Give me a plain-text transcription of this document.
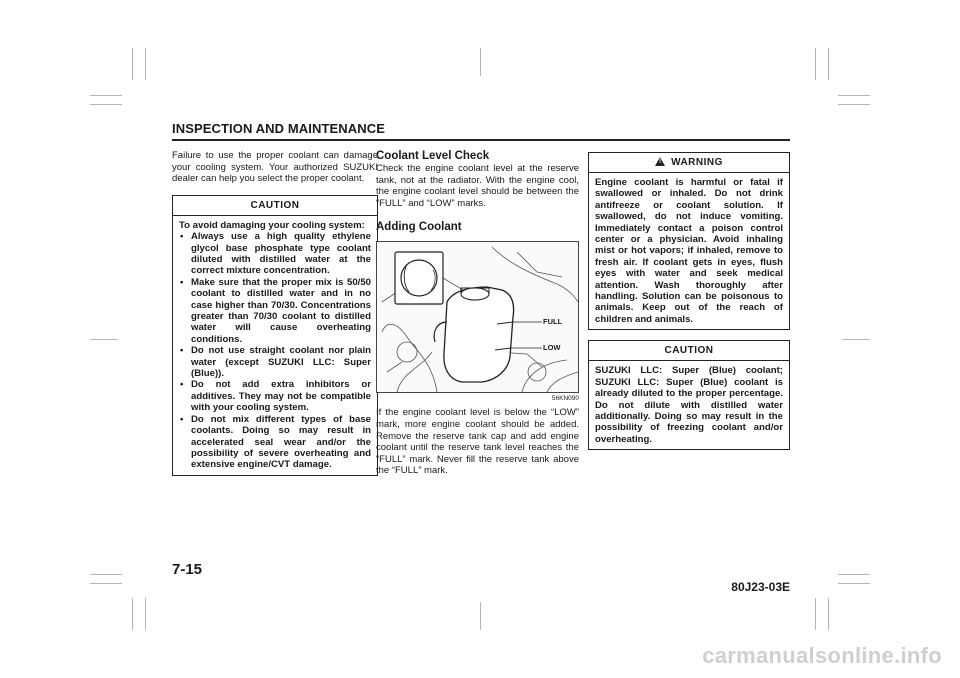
INSPECTION AND MAINTENANCE

Failure to use the proper coolant can damage your cooling system. Your authorized SUZUKI dealer can help you select the proper coolant.

CAUTION
To avoid damaging your cooling system:
• Always use a high quality ethylene glycol base phosphate type coolant diluted with distilled water at the correct mixture concentration.
• Make sure that the proper mix is 50/50 coolant to distilled water and in no case higher than 70/30. Concentrations greater than 70/30 coolant to distilled water will cause overheating conditions.
• Do not use straight coolant nor plain water (except SUZUKI LLC: Super (Blue)).
• Do not add extra inhibitors or additives. They may not be compatible with your cooling system.
• Do not mix different types of base coolants. Doing so may result in accelerated seal wear and/or the possibility of severe overheating and extensive engine/CVT damage.
Coolant Level Check

Check the engine coolant level at the reserve tank, not at the radiator. With the engine cool, the engine coolant level should be between the “FULL” and “LOW” marks.

Adding Coolant
FULL
LOW
56KN090

If the engine coolant level is below the “LOW” mark, more engine coolant should be added. Remove the reserve tank cap and add engine coolant until the reserve tank level reaches the “FULL” mark. Never fill the reserve tank above the “FULL” mark.

! WARNING
Engine coolant is harmful or fatal if swallowed or inhaled. Do not drink antifreeze or coolant solution. If swallowed, do not induce vomiting. Immediately contact a poison control center or a physician. Avoid inhaling mist or hot vapors; if inhaled, remove to fresh air. If coolant gets in eyes, flush eyes with water and seek medical attention. Wash thoroughly after handling. Solution can be poisonous to animals. Keep out of the reach of children and animals.
CAUTION
SUZUKI LLC: Super (Blue) coolant; SUZUKI LLC: Super (Blue) coolant is already diluted to the proper percentage. Do not dilute with distilled water additionally. Doing so may result in the possibility of freezing coolant and/or overheating.
7-15
80J23-03E
carmanualsonline.info
